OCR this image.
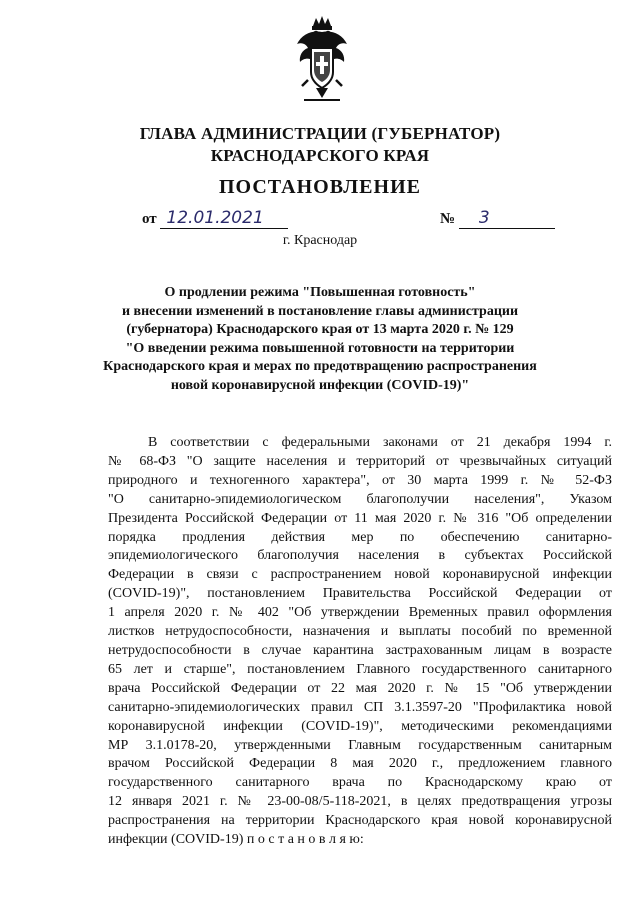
ГЛАВА АДМИНИСТРАЦИИ (ГУБЕРНАТОР)
КРАСНОДАРСКОГО КРАЯ
ПОСТАНОВЛЕНИЕ
от 12.01.2021	№ 3
г. Краснодар
О продлении режима "Повышенная готовность"
и внесении изменений в постановление главы администрации
(губернатора) Краснодарского края от 13 марта 2020 г. № 129
"О введении режима повышенной готовности на территории
Краснодарского края и мерах по предотвращению распространения
новой коронавирусной инфекции (COVID-19)"
В соответствии с федеральными законами от 21 декабря 1994 г.
№ 68-ФЗ "О защите населения и территорий от чрезвычайных ситуаций
природного и техногенного характера", от 30 марта 1999 г. № 52-ФЗ
"О санитарно-эпидемиологическом благополучии населения", Указом
Президента Российской Федерации от 11 мая 2020 г. № 316 "Об определении
порядка продления действия мер по обеспечению санитарно-
эпидемиологического благополучия населения в субъектах Российской
Федерации в связи с распространением новой коронавирусной инфекции
(COVID-19)", постановлением Правительства Российской Федерации от
1 апреля 2020 г. № 402 "Об утверждении Временных правил оформления
листков нетрудоспособности, назначения и выплаты пособий по временной
нетрудоспособности в случае карантина застрахованным лицам в возрасте
65 лет и старше", постановлением Главного государственного санитарного
врача Российской Федерации от 22 мая 2020 г. № 15 "Об утверждении
санитарно-эпидемиологических правил СП 3.1.3597-20 "Профилактика новой
коронавирусной инфекции (COVID-19)", методическими рекомендациями
МР 3.1.0178-20, утвержденными Главным государственным санитарным
врачом Российской Федерации 8 мая 2020 г., предложением главного
государственного санитарного врача по Краснодарскому краю от
12 января 2021 г. № 23-00-08/5-118-2021, в целях предотвращения угрозы
распространения на территории Краснодарского края новой коронавирусной
инфекции (COVID-19) п о с т а н о в л я ю:
